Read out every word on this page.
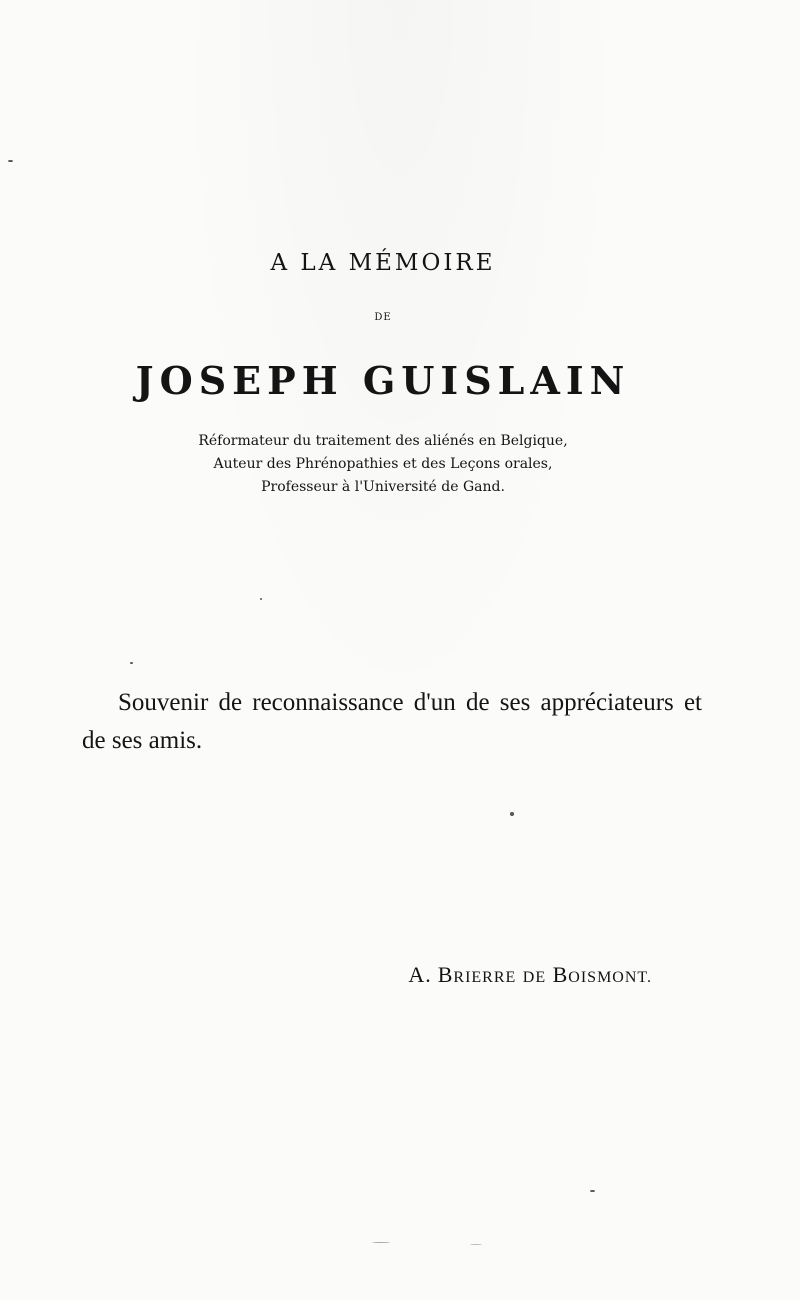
A LA MÉMOIRE
DE
JOSEPH GUISLAIN
Réformateur du traitement des aliénés en Belgique,
Auteur des Phrénopathies et des Leçons orales,
Professeur à l'Université de Gand.
Souvenir de reconnaissance d'un de ses appréciateurs et de ses amis.
A. BRIERRE DE BOISMONT.
